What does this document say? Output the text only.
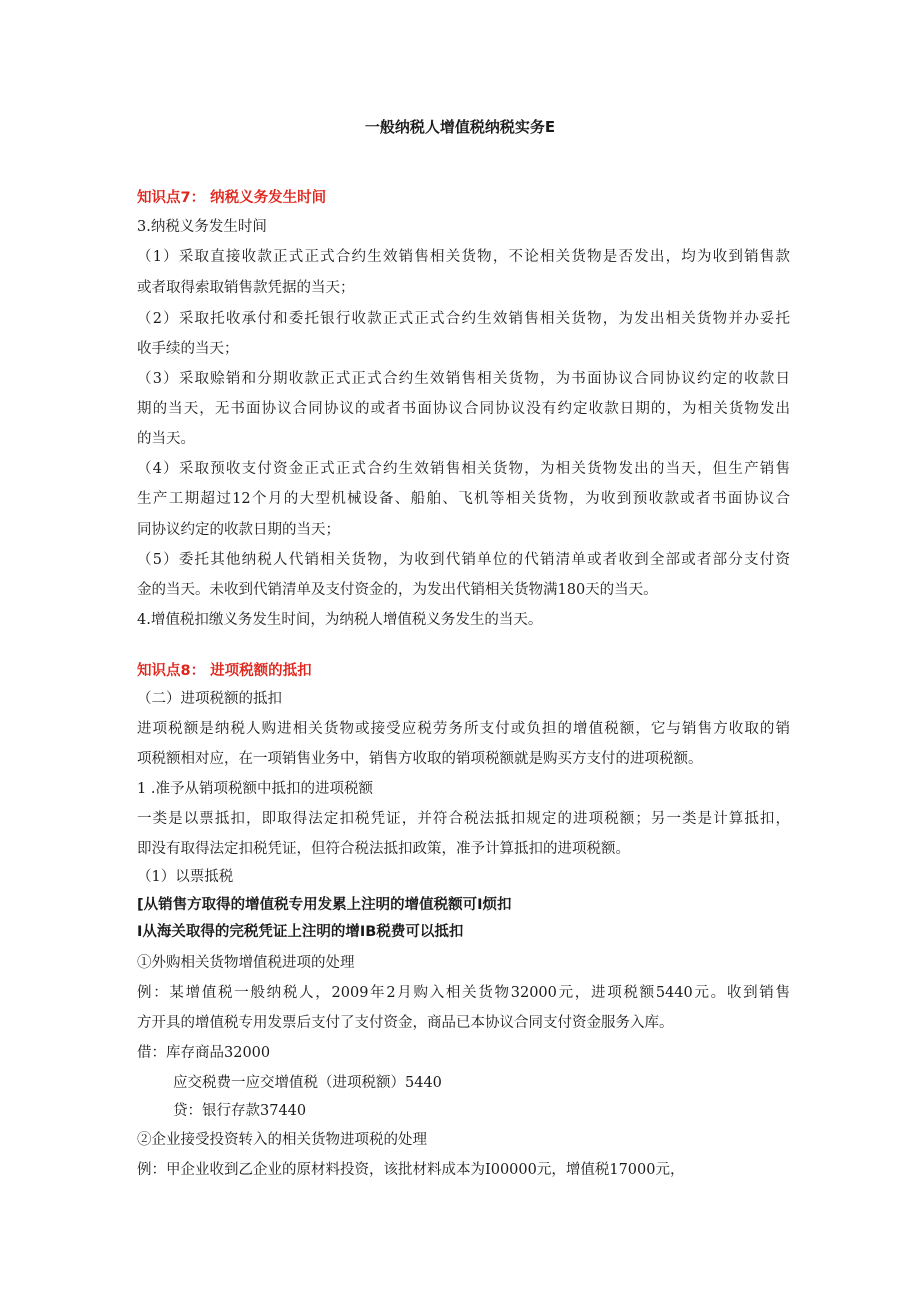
一般纳税人增值税纳税实务E
知识点7： 纳税义务发生时间
3.纳税义务发生时间
（1）采取直接收款正式正式合约生效销售相关货物，不论相关货物是否发出，均为收到销售款
或者取得索取销售款凭据的当天；
（2）采取托收承付和委托银行收款正式正式合约生效销售相关货物，为发出相关货物并办妥托
收手续的当天；
（3）采取赊销和分期收款正式正式合约生效销售相关货物，为书面协议合同协议约定的收款日
期的当天，无书面协议合同协议的或者书面协议合同协议没有约定收款日期的，为相关货物发出
的当天。
（4）采取预收支付资金正式正式合约生效销售相关货物，为相关货物发出的当天，但生产销售
生产工期超过12个月的大型机械设备、船舶、飞机等相关货物，为收到预收款或者书面协议合
同协议约定的收款日期的当天；
（5）委托其他纳税人代销相关货物，为收到代销单位的代销清单或者收到全部或者部分支付资
金的当天。未收到代销清单及支付资金的，为发出代销相关货物满180天的当天。
4.增值税扣缴义务发生时间，为纳税人增值税义务发生的当天。
知识点8： 进项税额的抵扣
（二）进项税额的抵扣
进项税额是纳税人购进相关货物或接受应税劳务所支付或负担的增值税额，它与销售方收取的销
项税额相对应，在一项销售业务中，销售方收取的销项税额就是购买方支付的进项税额。
1 .准予从销项税额中抵扣的进项税额
一类是以票抵扣，即取得法定扣税凭证，并符合税法抵扣规定的进项税额；另一类是计算抵扣，
即没有取得法定扣税凭证，但符合税法抵扣政策，准予计算抵扣的进项税额。
（1）以票抵税
[从销售方取得的增值税专用发累上注明的增值税额可I烦扣
I从海关取得的完税凭证上注明的增IB税费可以抵扣
①外购相关货物增值税进项的处理
例：某增值税一般纳税人，2009年2月购入相关货物32000元，进项税额5440元。收到销售
方开具的增值税专用发票后支付了支付资金，商品已本协议合同支付资金服务入库。
借：库存商品32000
应交税费一应交增值税（进项税额）5440
贷：银行存款37440
②企业接受投资转入的相关货物进项税的处理
例：甲企业收到乙企业的原材料投资，该批材料成本为I00000元，增值税17000元，
